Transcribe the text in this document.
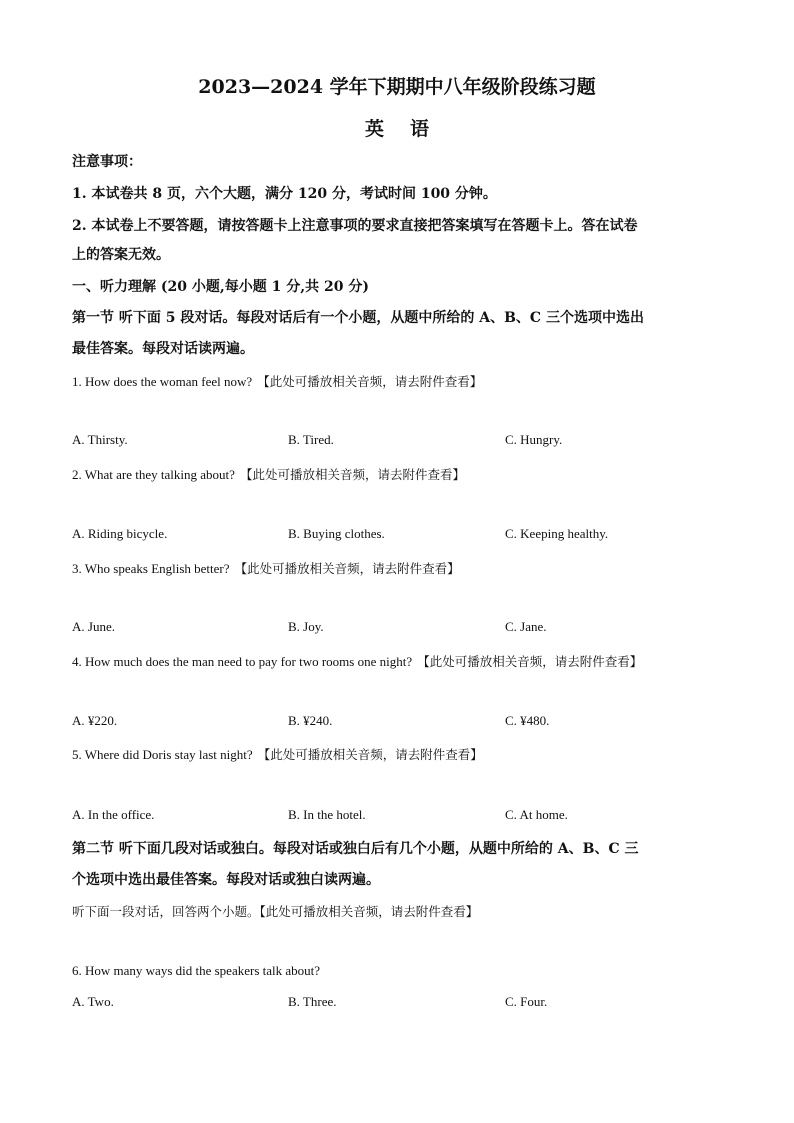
2023—2024 学年下期期中八年级阶段练习题
英语
注意事项：
1. 本试卷共 8 页，六个大题，满分 120 分，考试时间 100 分钟。
2. 本试卷上不要答题，请按答题卡上注意事项的要求直接把答案填写在答题卡上。答在试卷
上的答案无效。
一、听力理解 (20 小题,每小题 1 分,共 20 分)
第一节 听下面 5 段对话。每段对话后有一个小题，从题中所给的 A、B、C 三个选项中选出
最佳答案。每段对话读两遍。
1. How does the woman feel now? 【此处可播放相关音频，请去附件查看】
A. Thirsty.	B. Tired.	C. Hungry.
2. What are they talking about? 【此处可播放相关音频，请去附件查看】
A. Riding bicycle.	B. Buying clothes.	C. Keeping healthy.
3. Who speaks English better? 【此处可播放相关音频，请去附件查看】
A. June.	B. Joy.	C. Jane.
4. How much does the man need to pay for two rooms one night? 【此处可播放相关音频，请去附件查看】
A. ¥220.	B. ¥240.	C. ¥480.
5. Where did Doris stay last night? 【此处可播放相关音频，请去附件查看】
A. In the office.	B. In the hotel.	C. At home.
第二节 听下面几段对话或独白。每段对话或独白后有几个小题，从题中所给的 A、B、C 三
个选项中选出最佳答案。每段对话或独白读两遍。
听下面一段对话，回答两个小题。【此处可播放相关音频，请去附件查看】
6. How many ways did the speakers talk about?
A. Two.	B. Three.	C. Four.
